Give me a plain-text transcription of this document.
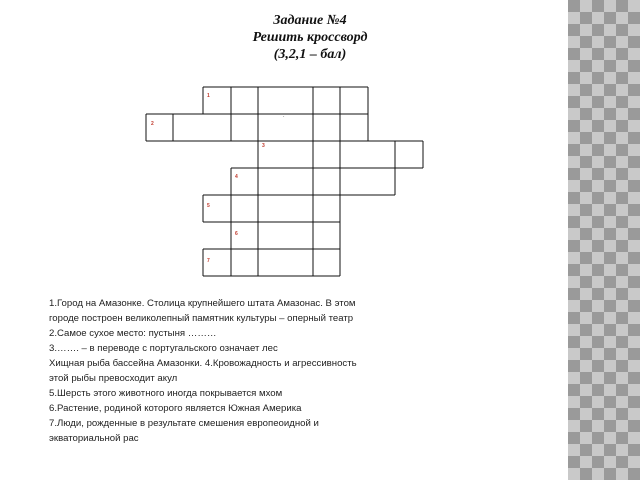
Задание №4
Решить кроссворд
(3,2,1 – бал)
1
2
3
4
5
6
7
.
1.Город на Амазонке. Столица крупнейшего штата Амазонас. В этом
городе построен великолепный памятник культуры – оперный театр
2.Самое сухое место: пустыня ………
3.……. – в переводе с португальского означает лес
Хищная рыба бассейна Амазонки. 4.Кровожадность и агрессивность
этой рыбы превосходит акул
5.Шерсть этого животного иногда покрывается мхом
6.Растение, родиной которого является Южная Америка
7.Люди, рожденные в результате смешения европеоидной и
экваториальной рас
